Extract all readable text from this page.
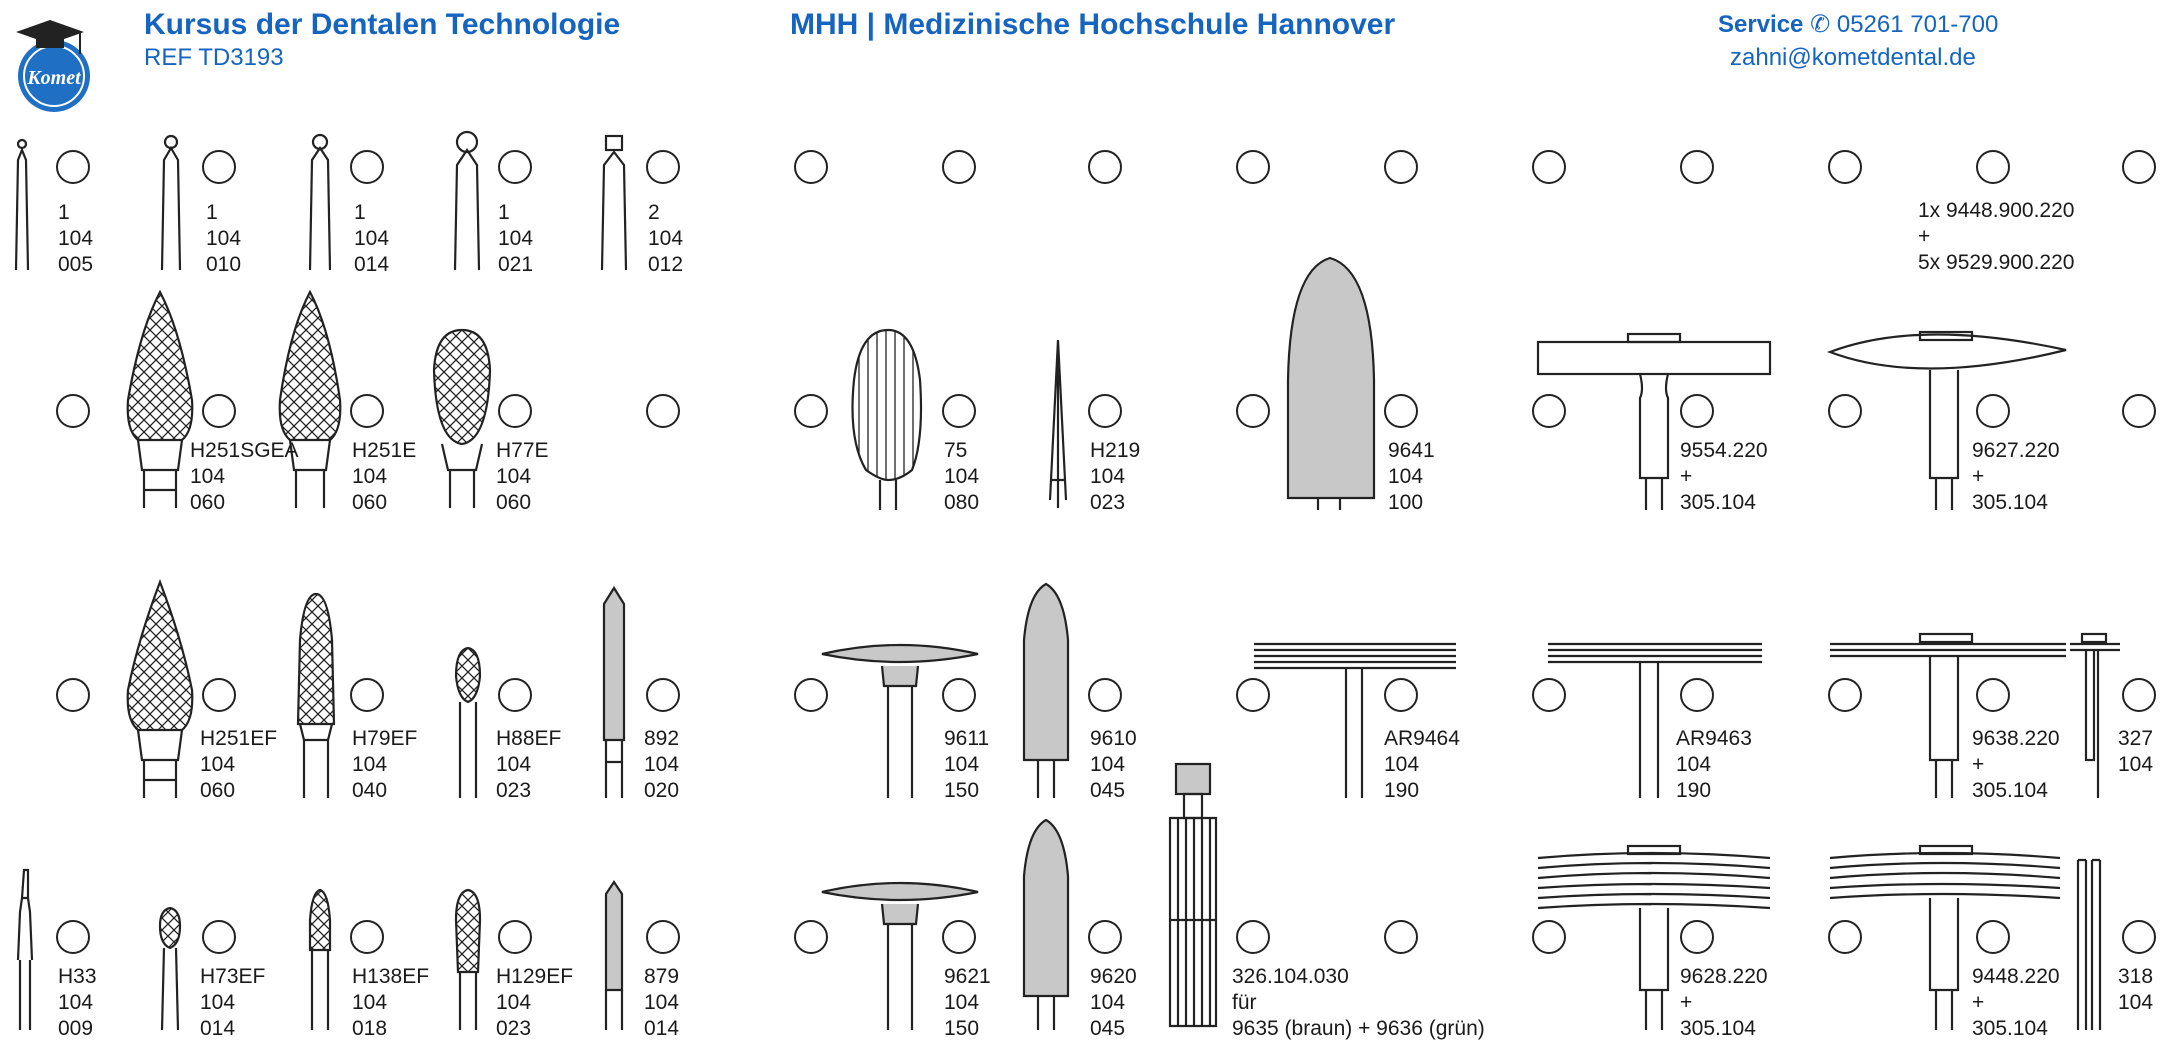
Komet
Kursus der Dentalen Technologie
REF TD3193
MHH | Medizinische Hochschule Hannover	Service ✆ 05261 701-700
zahni@kometdental.de
1
104
005
1
104
010
1
104
014
1
104
021
2
104
012
H251SGEA
104
060
H251E
104
060
H77E
104
060
75
104
080
H219
104
023
9641
104
100
9554.220
+
305.104
9627.220
+
305.104
1x 9448.900.220
+
5x 9529.900.220
H251EF
104
060
H79EF
104
040
H88EF
104
023
892
104
020
9611
104
150
9610
104
045
AR9464
104
190
AR9463
104
190
9638.220
+
305.104
327
104
H33
104
009
H73EF
104
014
H138EF
104
018
H129EF
104
023
879
104
014
9621
104
150
9620
104
045
326.104.030
für
9635 (braun) + 9636 (grün)
9628.220
+
305.104
9448.220
+
305.104
318
104
